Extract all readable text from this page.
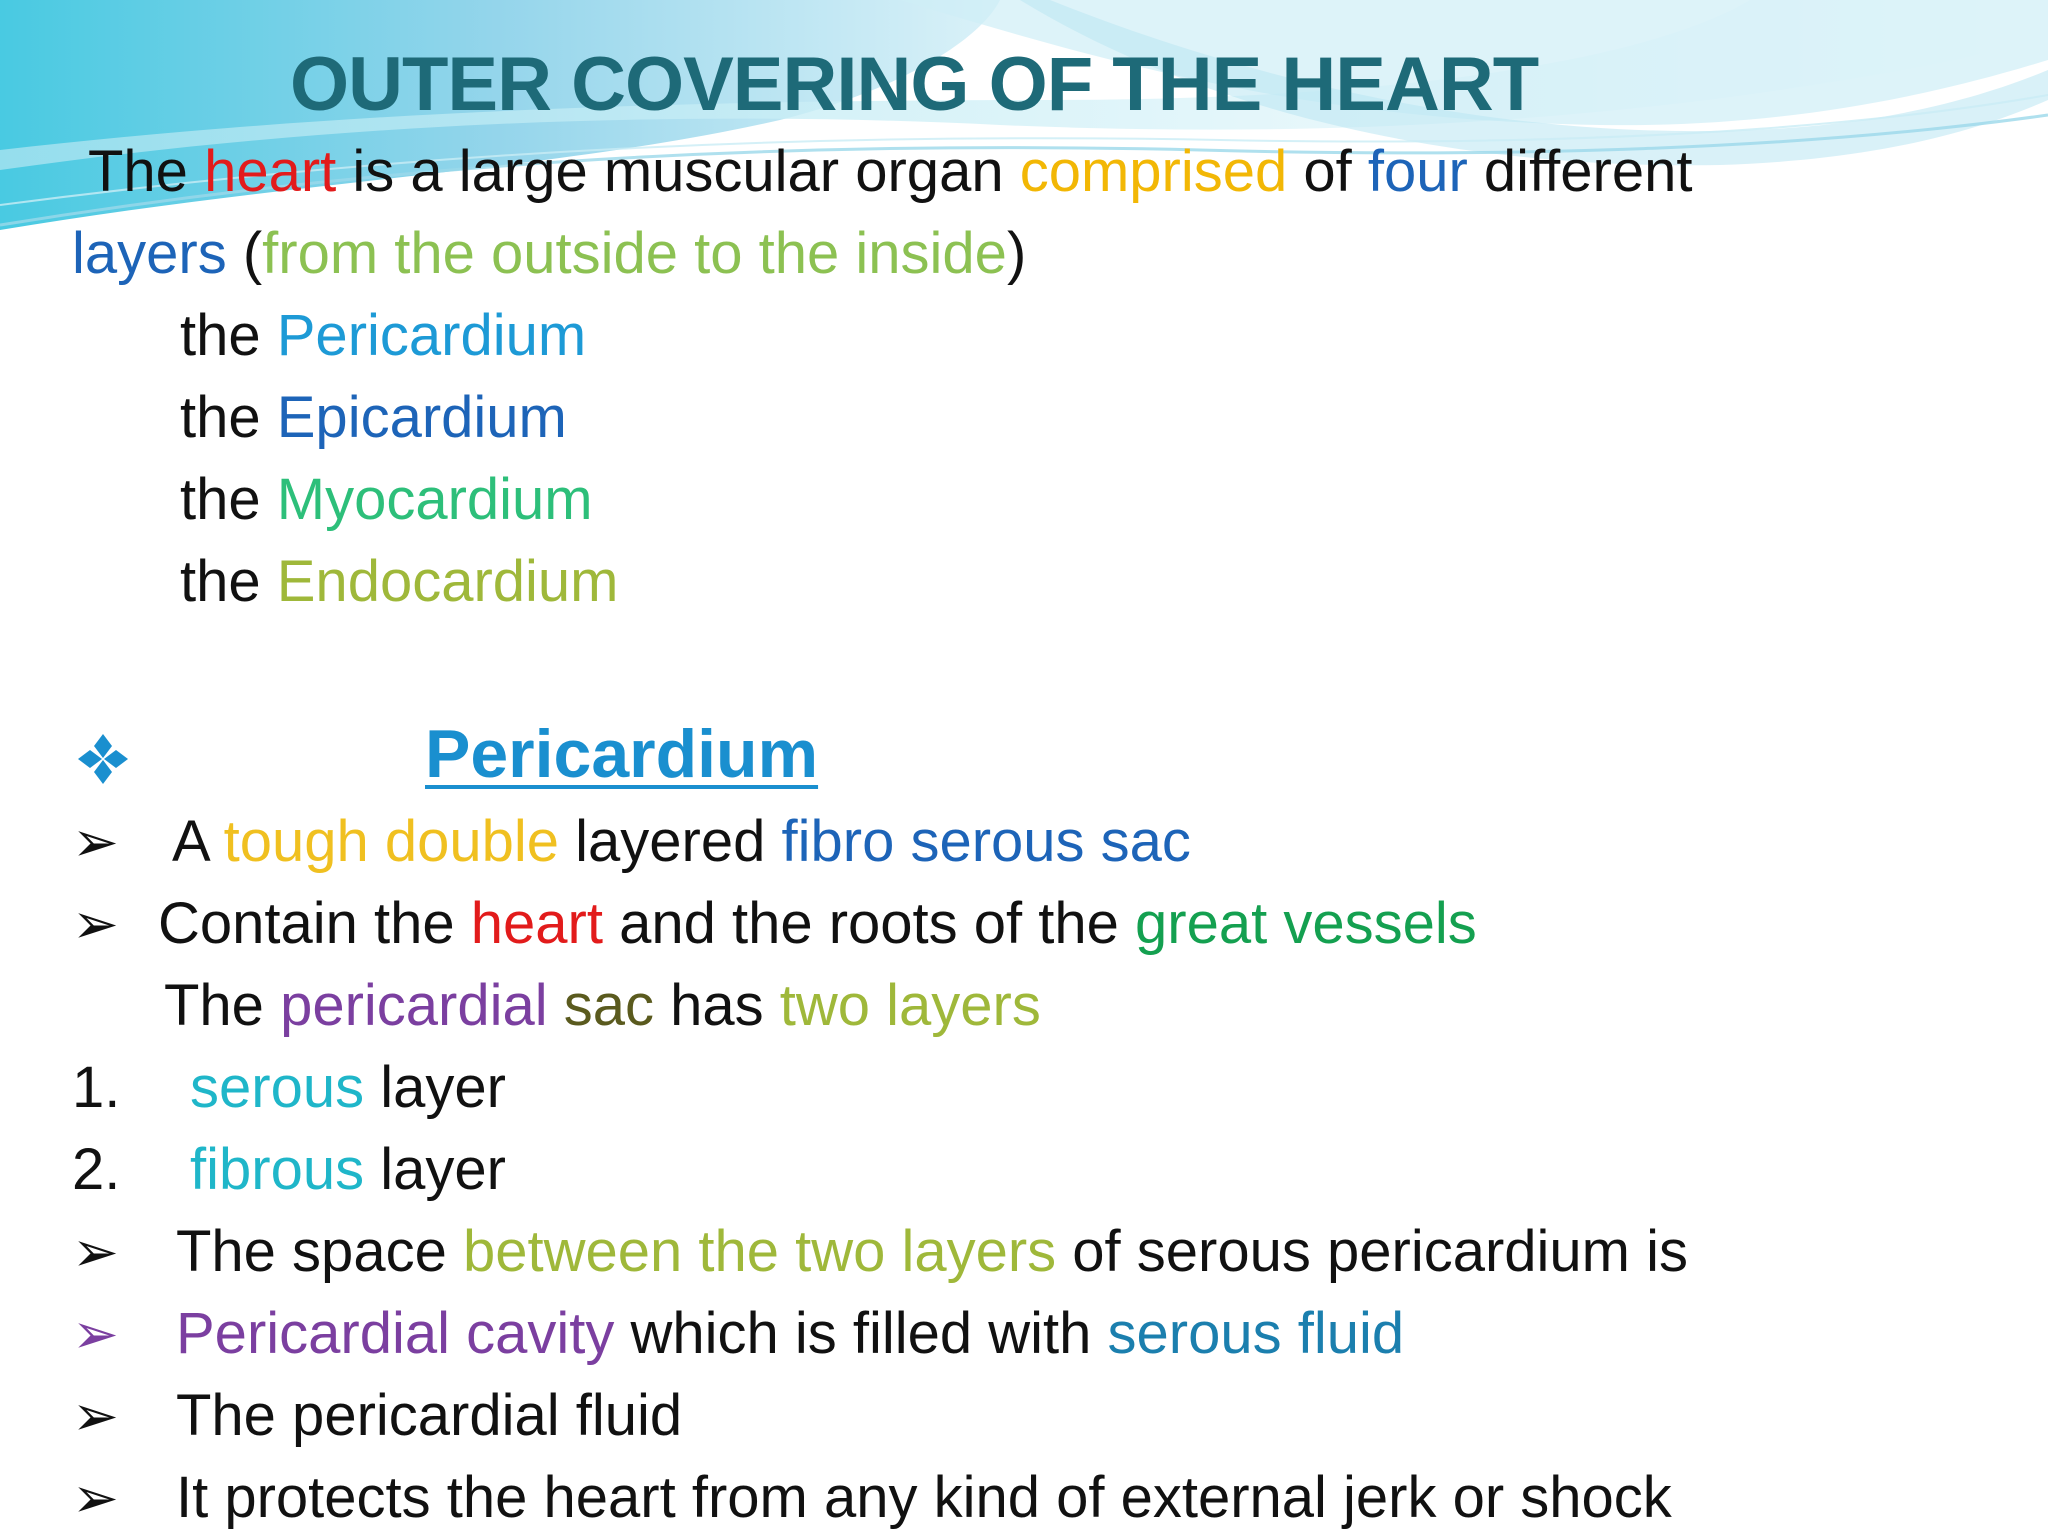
OUTER COVERING OF THE HEART
The heart is a large muscular organ comprised of four different
layers (from the outside to the inside)
the Pericardium
the Epicardium
the Myocardium
the Endocardium
Pericardium
➢ A tough double layered fibro serous sac
➢ Contain the heart and the roots of the great vessels
The pericardial sac has two layers
1. serous layer
2. fibrous layer
➢ The space between the two layers of serous pericardium is
➢ Pericardial cavity which is filled with serous fluid
➢ The pericardial fluid
➢ It protects the heart from any kind of external jerk or shock
